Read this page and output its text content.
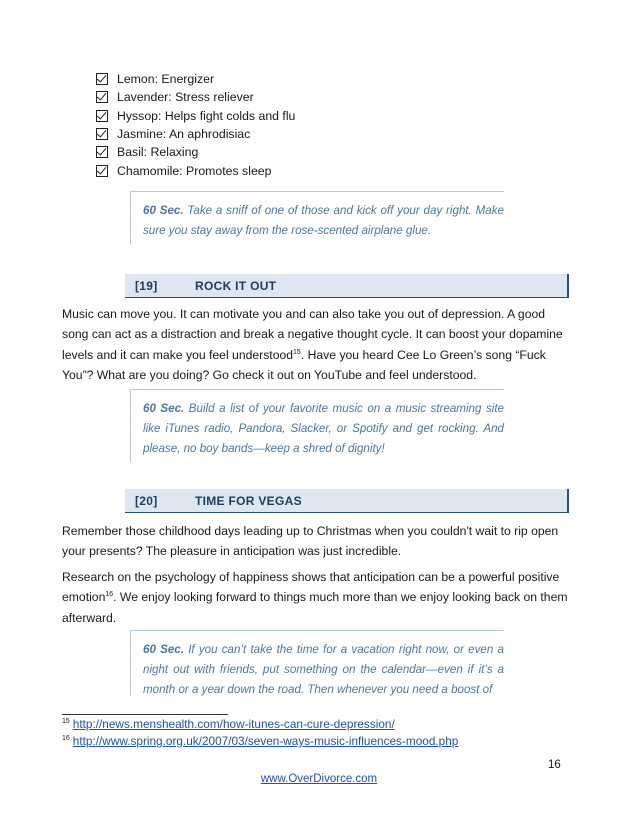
Lemon: Energizer
Lavender: Stress reliever
Hyssop: Helps fight colds and flu
Jasmine: An aphrodisiac
Basil: Relaxing
Chamomile: Promotes sleep
60 Sec. Take a sniff of one of those and kick off your day right. Make sure you stay away from the rose-scented airplane glue.
[19]	ROCK IT OUT

Music can move you. It can motivate you and can also take you out of depression. A good song can act as a distraction and break a negative thought cycle. It can boost your dopamine levels and it can make you feel understood$^{15}$. Have you heard Cee Lo Green’s song “Fuck You”? What are you doing? Go check it out on YouTube and feel understood.

60 Sec. Build a list of your favorite music on a music streaming site like iTunes radio, Pandora, Slacker, or Spotify and get rocking. And please, no boy bands—keep a shred of dignity!
[20]	TIME FOR VEGAS

Remember those childhood days leading up to Christmas when you couldn't wait to rip open your presents? The pleasure in anticipation was just incredible.

Research on the psychology of happiness shows that anticipation can be a powerful positive emotion$^{16}$. We enjoy looking forward to things much more than we enjoy looking back on them afterward.

60 Sec. If you can’t take the time for a vacation right now, or even a night out with friends, put something on the calendar—even if it’s a month or a year down the road. Then whenever you need a boost of
$^{15}$ http://news.menshealth.com/how-itunes-can-cure-depression/
$^{16}$ http://www.spring.org.uk/2007/03/seven-ways-music-influences-mood.php
16
www.OverDivorce.com
